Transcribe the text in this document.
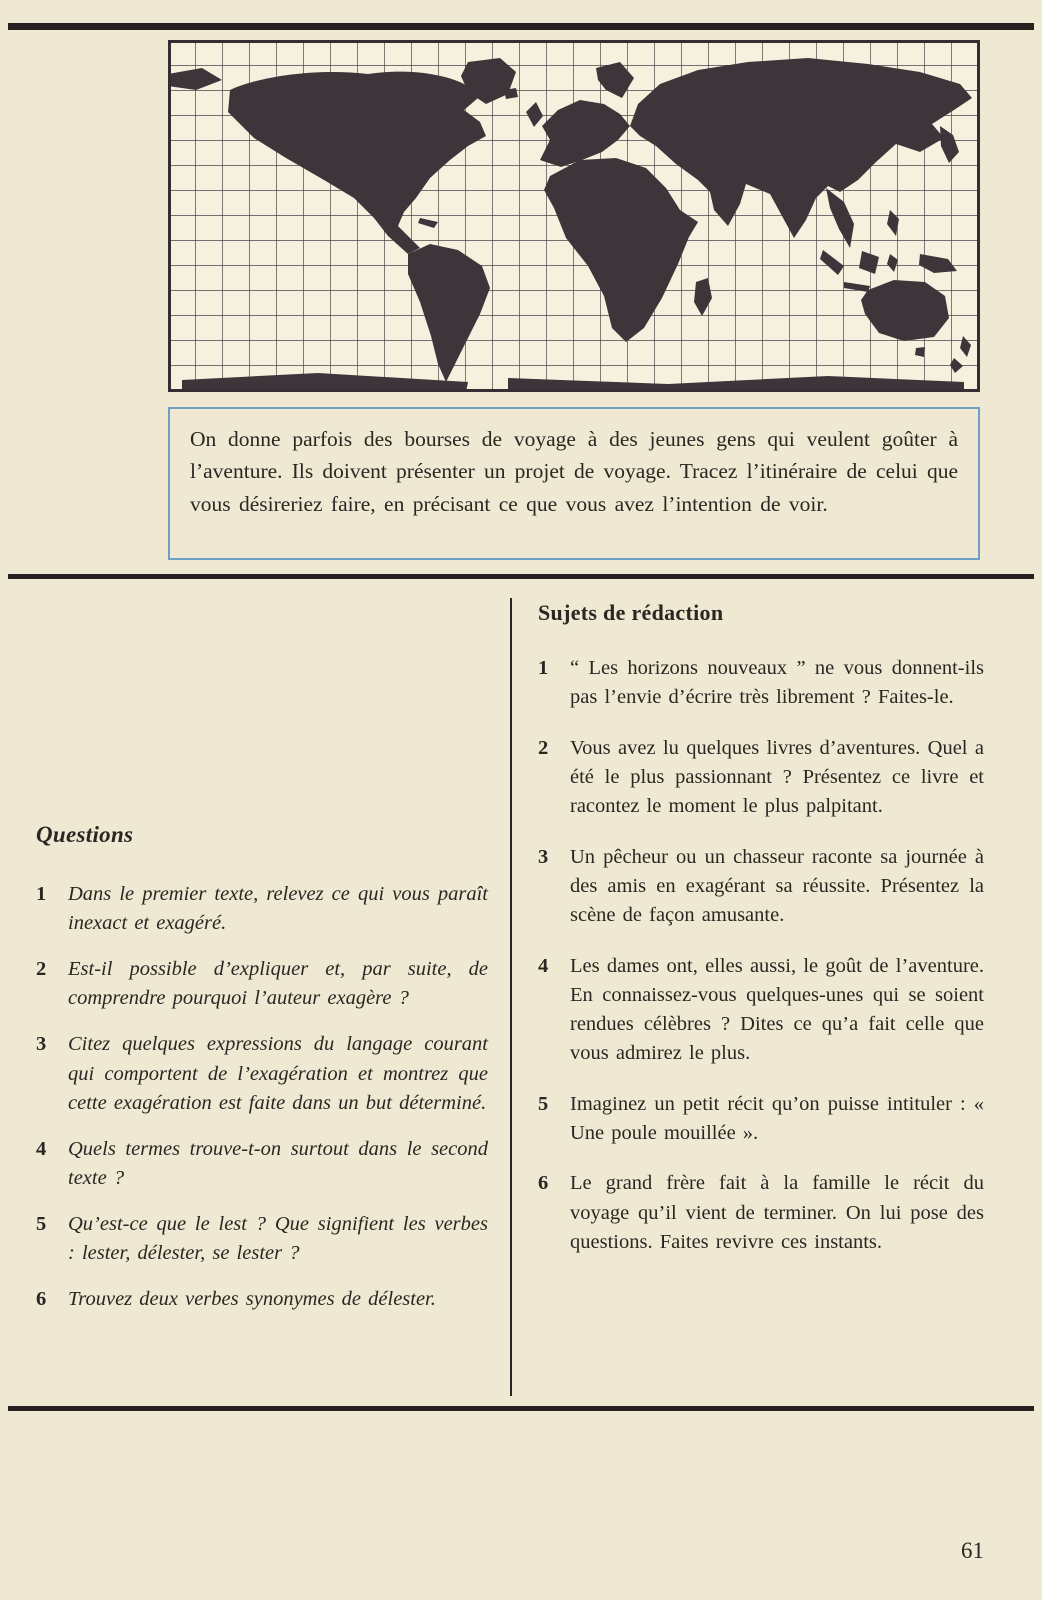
On donne parfois des bourses de voyage à des jeunes gens qui veulent goûter à l’aventure. Ils doivent présenter un projet de voyage. Tracez l’itinéraire de celui que vous désireriez faire, en précisant ce que vous avez l’intention de voir.

Questions
1	Dans le premier texte, relevez ce qui vous paraît inexact et exagéré.
2	Est-il possible d’expliquer et, par suite, de comprendre pourquoi l’auteur exagère ?
3	Citez quelques expressions du langage courant qui comportent de l’exagération et montrez que cette exagération est faite dans un but déterminé.
4	Quels termes trouve-t-on surtout dans le second texte ?
5	Qu’est-ce que le lest ? Que signifient les verbes : lester, délester, se lester ?
6	Trouvez deux verbes synonymes de délester.
Sujets de rédaction
1	“ Les horizons nouveaux ” ne vous donnent-ils pas l’envie d’écrire très librement ? Faites-le.
2	Vous avez lu quelques livres d’aventures. Quel a été le plus passionnant ? Présentez ce livre et racontez le moment le plus palpitant.
3	Un pêcheur ou un chasseur raconte sa journée à des amis en exagérant sa réussite. Présentez la scène de façon amusante.
4	Les dames ont, elles aussi, le goût de l’aventure. En connaissez-vous quelques-unes qui se soient rendues célèbres ? Dites ce qu’a fait celle que vous admirez le plus.
5	Imaginez un petit récit qu’on puisse intituler : « Une poule mouillée ».
6	Le grand frère fait à la famille le récit du voyage qu’il vient de terminer. On lui pose des questions. Faites revivre ces instants.
61
